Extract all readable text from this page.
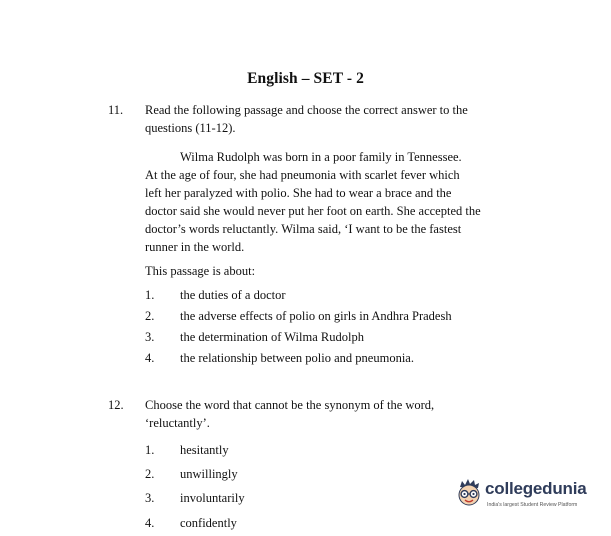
English – SET - 2
11. Read the following passage and choose the correct answer to the
questions (11-12).
Wilma Rudolph was born in a poor family in Tennessee.
At the age of four, she had pneumonia with scarlet fever which
left her paralyzed with polio. She had to wear a brace and the
doctor said she would never put her foot on earth. She accepted the
doctor’s words reluctantly. Wilma said, ‘I want to be the fastest
runner in the world.
This passage is about:
1. the duties of a doctor
2. the adverse effects of polio on girls in Andhra Pradesh
3. the determination of Wilma Rudolph
4. the relationship between polio and pneumonia.
12. Choose the word that cannot be the synonym of the word,
‘reluctantly’.
1. hesitantly
2. unwillingly
3. involuntarily
4. confidently
collegedunia
India's largest Student Review Platform
